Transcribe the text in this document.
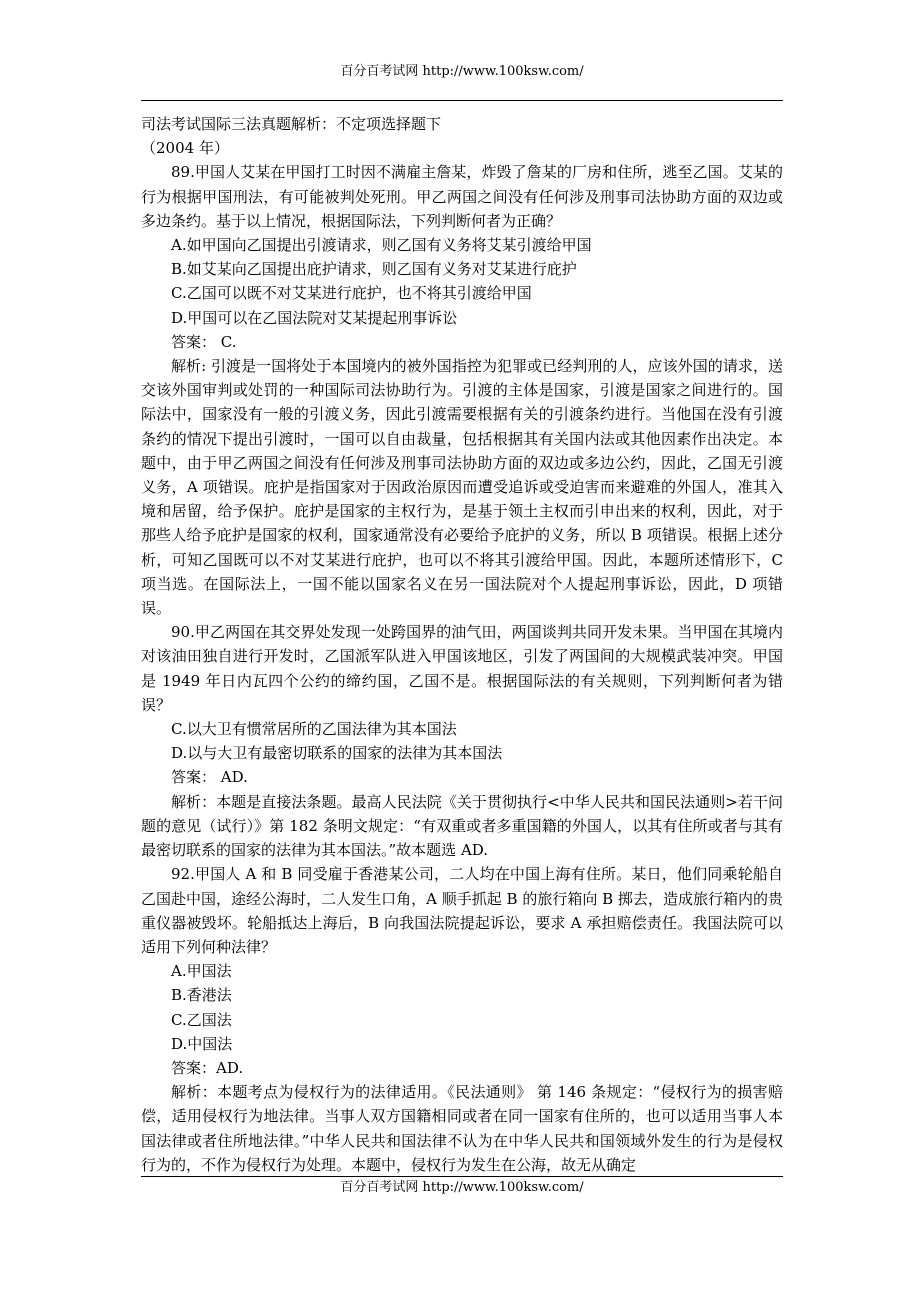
百分百考试网 http://www.100ksw.com/

司法考试国际三法真题解析：不定项选择题下

（2004 年）

89.甲国人艾某在甲国打工时因不满雇主詹某，炸毁了詹某的厂房和住所，逃至乙国。艾某的行为根据甲国刑法，有可能被判处死刑。甲乙两国之间没有任何涉及刑事司法协助方面的双边或多边条约。基于以上情况，根据国际法，下列判断何者为正确？

A.如甲国向乙国提出引渡请求，则乙国有义务将艾某引渡给甲国

B.如艾某向乙国提出庇护请求，则乙国有义务对艾某进行庇护

C.乙国可以既不对艾某进行庇护，也不将其引渡给甲国

D.甲国可以在乙国法院对艾某提起刑事诉讼

答案： C.

解析: 引渡是一国将处于本国境内的被外国指控为犯罪或已经判刑的人，应该外国的请求，送交该外国审判或处罚的一种国际司法协助行为。引渡的主体是国家，引渡是国家之间进行的。国际法中，国家没有一般的引渡义务，因此引渡需要根据有关的引渡条约进行。当他国在没有引渡条约的情况下提出引渡时，一国可以自由裁量，包括根据其有关国内法或其他因素作出决定。本题中，由于甲乙两国之间没有任何涉及刑事司法协助方面的双边或多边公约，因此，乙国无引渡义务，A 项错误。庇护是指国家对于因政治原因而遭受追诉或受迫害而来避难的外国人，准其入境和居留，给予保护。庇护是国家的主权行为，是基于领土主权而引申出来的权利，因此，对于那些人给予庇护是国家的权利，国家通常没有必要给予庇护的义务，所以 B 项错误。根据上述分析，可知乙国既可以不对艾某进行庇护，也可以不将其引渡给甲国。因此，本题所述情形下，C 项当选。在国际法上，一国不能以国家名义在另一国法院对个人提起刑事诉讼，因此，D 项错误。

90.甲乙两国在其交界处发现一处跨国界的油气田，两国谈判共同开发未果。当甲国在其境内对该油田独自进行开发时，乙国派军队进入甲国该地区，引发了两国间的大规模武装冲突。甲国是 1949 年日内瓦四个公约的缔约国，乙国不是。根据国际法的有关规则，下列判断何者为错误？

C.以大卫有惯常居所的乙国法律为其本国法

D.以与大卫有最密切联系的国家的法律为其本国法

答案： AD.

解析：本题是直接法条题。最高人民法院《关于贯彻执行<中华人民共和国民法通则>若干问题的意见（试行）》第 182 条明文规定：“有双重或者多重国籍的外国人，以其有住所或者与其有最密切联系的国家的法律为其本国法。”故本题选 AD.

92.甲国人 A 和 B 同受雇于香港某公司，二人均在中国上海有住所。某日，他们同乘轮船自乙国赴中国，途经公海时，二人发生口角，A 顺手抓起 B 的旅行箱向 B 掷去，造成旅行箱内的贵重仪器被毁坏。轮船抵达上海后，B 向我国法院提起诉讼，要求 A 承担赔偿责任。我国法院可以适用下列何种法律？

A.甲国法

B.香港法

C.乙国法

D.中国法

答案：AD.

解析：本题考点为侵权行为的法律适用。《民法通则》 第 146 条规定：“侵权行为的损害赔偿，适用侵权行为地法律。当事人双方国籍相同或者在同一国家有住所的，也可以适用当事人本国法律或者住所地法律。”中华人民共和国法律不认为在中华人民共和国领域外发生的行为是侵权行为的，不作为侵权行为处理。本题中，侵权行为发生在公海，故无从确定

百分百考试网 http://www.100ksw.com/
